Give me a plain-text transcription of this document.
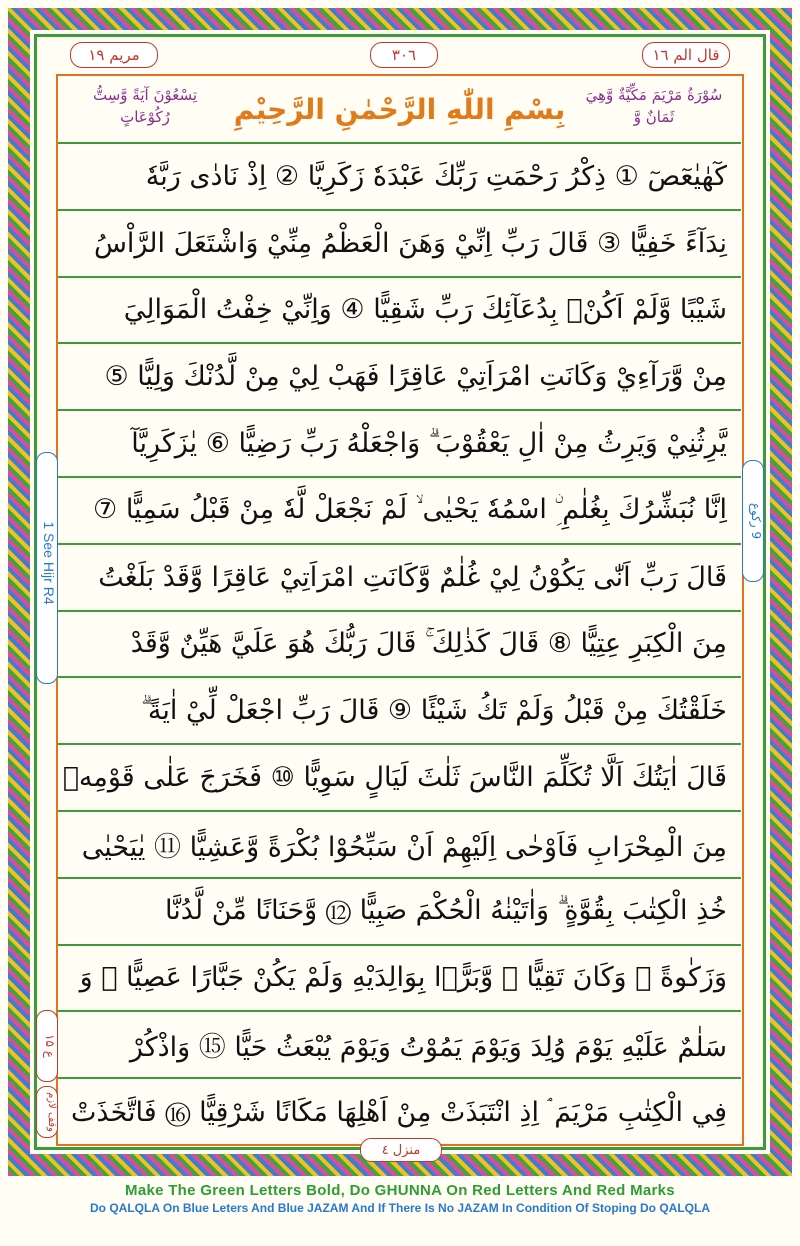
مريم ١٩	٣٠٦	قال الم ١٦
سُوْرَةُ مَرْيَمَ مَكِّيَّةٌ وَّهِيَ ثَمَانٌ وَّ
بِسْمِ اللّٰهِ الرَّحْمٰنِ الرَّحِيْمِ
تِسْعُوْنَ آيَةً وَّسِتُّ رُكُوْعَاتٍ
كٓهٰيٰعٓصٓ ① ذِكْرُ رَحْمَتِ رَبِّكَ عَبْدَهٗ زَكَرِيَّا ② اِذْ نَادٰى رَبَّهٗ
نِدَآءً خَفِيًّا ③ قَالَ رَبِّ اِنِّيْ وَهَنَ الْعَظْمُ مِنِّيْ وَاشْتَعَلَ الرَّاْسُ
شَيْبًا وَّلَمْ اَكُنْۢ بِدُعَآئِكَ رَبِّ شَقِيًّا ④ وَاِنِّيْ خِفْتُ الْمَوَالِيَ
مِنْ وَّرَآءِيْ وَكَانَتِ امْرَاَتِيْ عَاقِرًا فَهَبْ لِيْ مِنْ لَّدُنْكَ وَلِيًّا ⑤
يَّرِثُنِيْ وَيَرِثُ مِنْ اٰلِ يَعْقُوْبَ ۗ وَاجْعَلْهُ رَبِّ رَضِيًّا ⑥ يٰزَكَرِيَّآ
اِنَّا نُبَشِّرُكَ بِغُلٰمِ ِۨ اسْمُهٗ يَحْيٰى ۙ لَمْ نَجْعَلْ لَّهٗ مِنْ قَبْلُ سَمِيًّا ⑦
قَالَ رَبِّ اَنّٰى يَكُوْنُ لِيْ غُلٰمٌ وَّكَانَتِ امْرَاَتِيْ عَاقِرًا وَّقَدْ بَلَغْتُ
مِنَ الْكِبَرِ عِتِيًّا ⑧ قَالَ كَذٰلِكَ ۚ قَالَ رَبُّكَ هُوَ عَلَيَّ هَيِّنٌ وَّقَدْ
خَلَقْتُكَ مِنْ قَبْلُ وَلَمْ تَكُ شَيْئًا ⑨ قَالَ رَبِّ اجْعَلْ لِّيْ اٰيَةً ۗ
قَالَ اٰيَتُكَ اَلَّا تُكَلِّمَ النَّاسَ ثَلٰثَ لَيَالٍ سَوِيًّا ⑩ فَخَرَجَ عَلٰى قَوْمِهٖ
مِنَ الْمِحْرَابِ فَاَوْحٰى اِلَيْهِمْ اَنْ سَبِّحُوْا بُكْرَةً وَّعَشِيًّا ⑪ يٰيَحْيٰى
خُذِ الْكِتٰبَ بِقُوَّةٍ ۗ وَاٰتَيْنٰهُ الْحُكْمَ صَبِيًّا ⑫ وَّحَنَانًا مِّنْ لَّدُنَّا
وَزَكٰوةً ۗ وَكَانَ تَقِيًّا ⑬ وَّبَرًّۢا بِوَالِدَيْهِ وَلَمْ يَكُنْ جَبَّارًا عَصِيًّا ⑭ وَ
سَلٰمٌ عَلَيْهِ يَوْمَ وُلِدَ وَيَوْمَ يَمُوْتُ وَيَوْمَ يُبْعَثُ حَيًّا ⑮ وَاذْكُرْ
فِي الْكِتٰبِ مَرْيَمَ ۘ اِذِ انْتَبَذَتْ مِنْ اَهْلِهَا مَكَانًا شَرْقِيًّا ⑯ فَاتَّخَذَتْ
1 See Hijr R4
9 رکوع
ع ۱۵
وقف لازم
منزل ٤
Make The Green Letters Bold, Do GHUNNA On Red Letters And Red Marks
Do QALQLA On Blue Leters And Blue JAZAM And If There Is No JAZAM In Condition Of Stoping Do QALQLA
